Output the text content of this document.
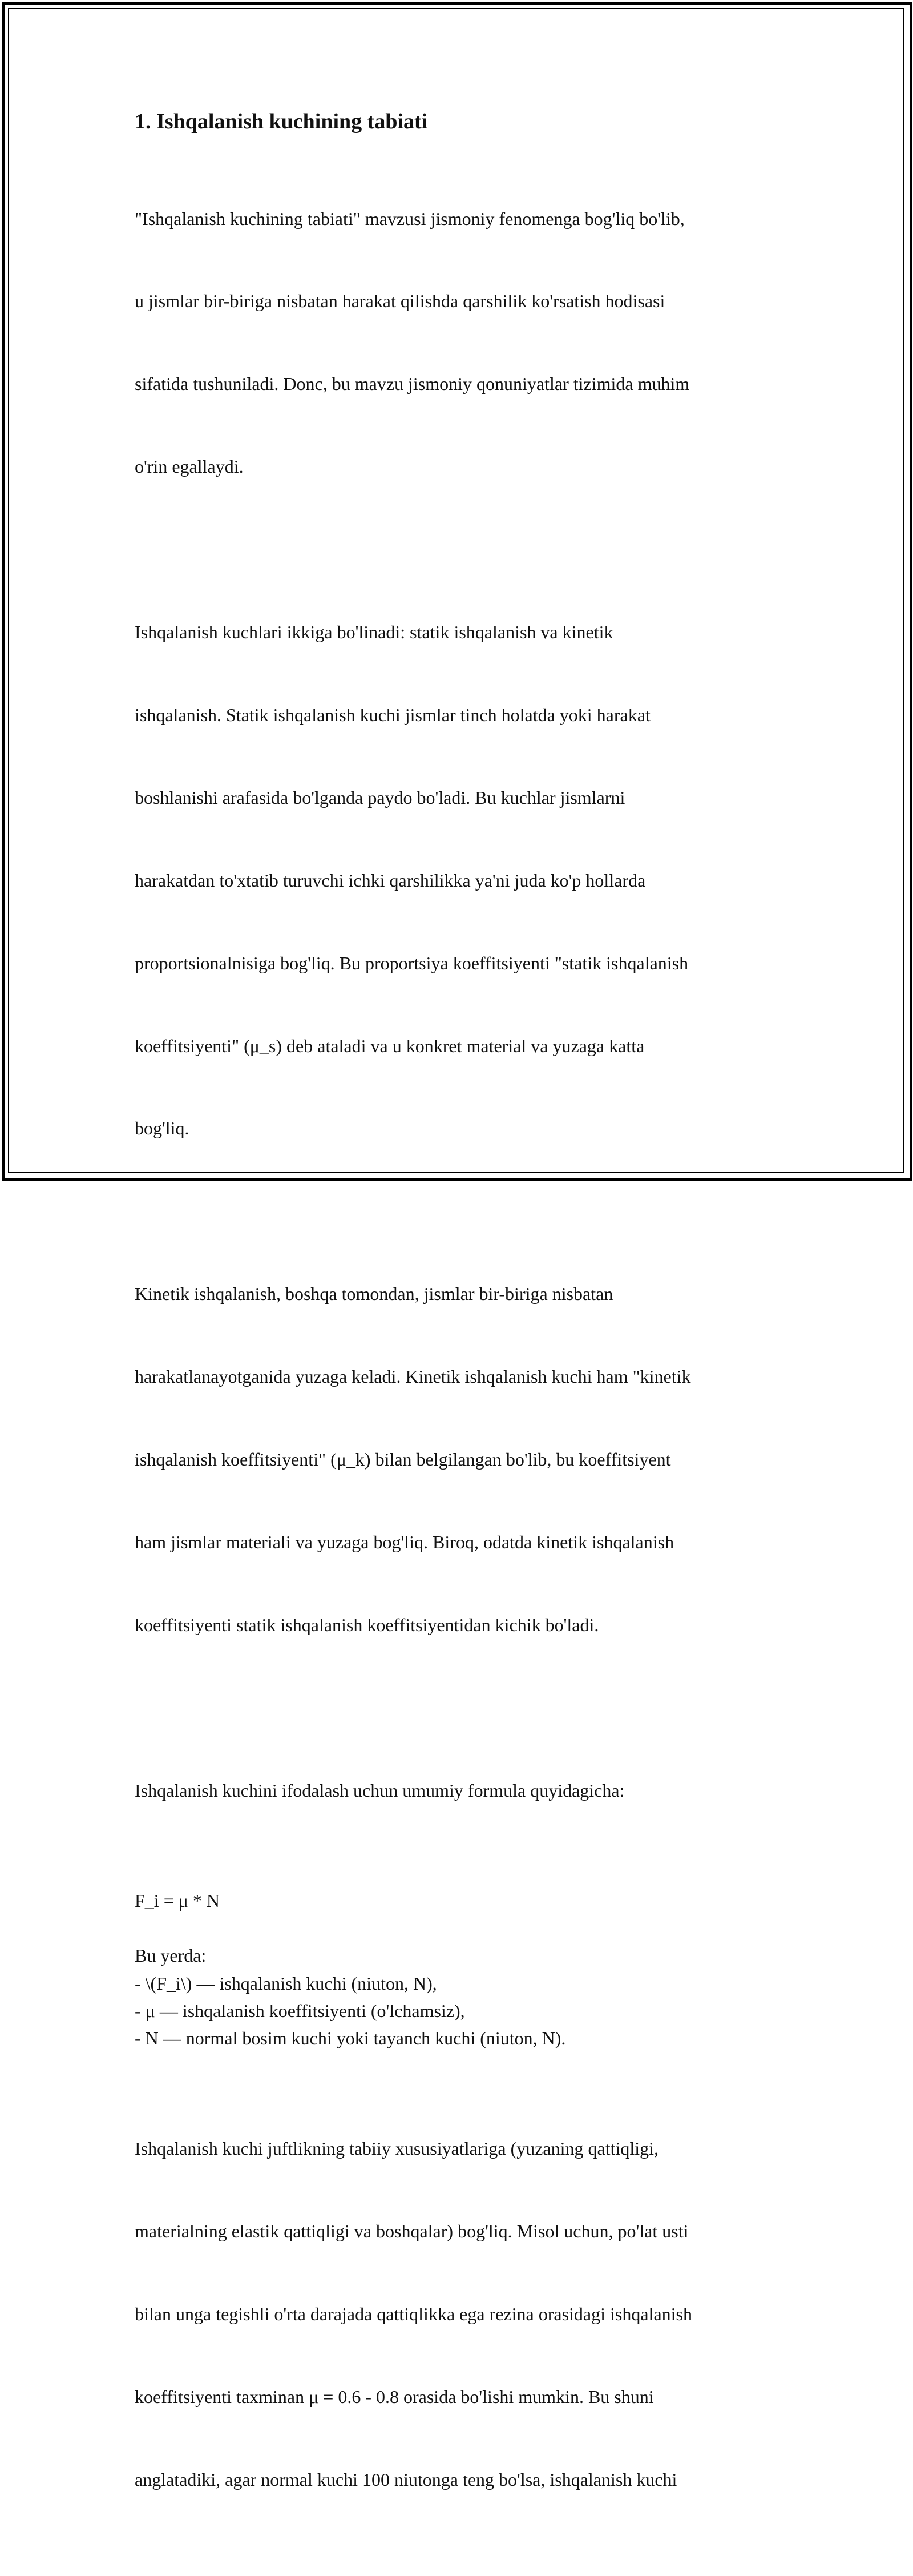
1. Ishqalanish kuchining tabiati

"Ishqalanish kuchining tabiati" mavzusi jismoniy fenomenga bog'liq bo'lib,

u jismlar bir-biriga nisbatan harakat qilishda qarshilik ko'rsatish hodisasi

sifatida tushuniladi. Donc, bu mavzu jismoniy qonuniyatlar tizimida muhim

o'rin egallaydi.

Ishqalanish kuchlari ikkiga bo'linadi: statik ishqalanish va kinetik

ishqalanish. Statik ishqalanish kuchi jismlar tinch holatda yoki harakat

boshlanishi arafasida bo'lganda paydo bo'ladi. Bu kuchlar jismlarni

harakatdan to'xtatib turuvchi ichki qarshilikka ya'ni juda ko'p hollarda

proportsionalnisiga bog'liq. Bu proportsiya koeffitsiyenti "statik ishqalanish

koeffitsiyenti" (μ_s) deb ataladi va u konkret material va yuzaga katta

bog'liq.

Kinetik ishqalanish, boshqa tomondan, jismlar bir-biriga nisbatan

harakatlanayotganida yuzaga keladi. Kinetik ishqalanish kuchi ham "kinetik

ishqalanish koeffitsiyenti" (μ_k) bilan belgilangan bo'lib, bu koeffitsiyent

ham jismlar materiali va yuzaga bog'liq. Biroq, odatda kinetik ishqalanish

koeffitsiyenti statik ishqalanish koeffitsiyentidan kichik bo'ladi.

Ishqalanish kuchini ifodalash uchun umumiy formula quyidagicha:

F_i = μ * N
Bu yerda:
- \(F_i\) — ishqalanish kuchi (niuton, N),
- μ — ishqalanish koeffitsiyenti (o'lchamsiz),
- N — normal bosim kuchi yoki tayanch kuchi (niuton, N).

Ishqalanish kuchi juftlikning tabiiy xususiyatlariga (yuzaning qattiqligi,

materialning elastik qattiqligi va boshqalar) bog'liq. Misol uchun, po'lat usti

bilan unga tegishli o'rta darajada qattiqlikka ega rezina orasidagi ishqalanish

koeffitsiyenti taxminan μ = 0.6 - 0.8 orasida bo'lishi mumkin. Bu shuni

anglatadiki, agar normal kuchi 100 niutonga teng bo'lsa, ishqalanish kuchi
